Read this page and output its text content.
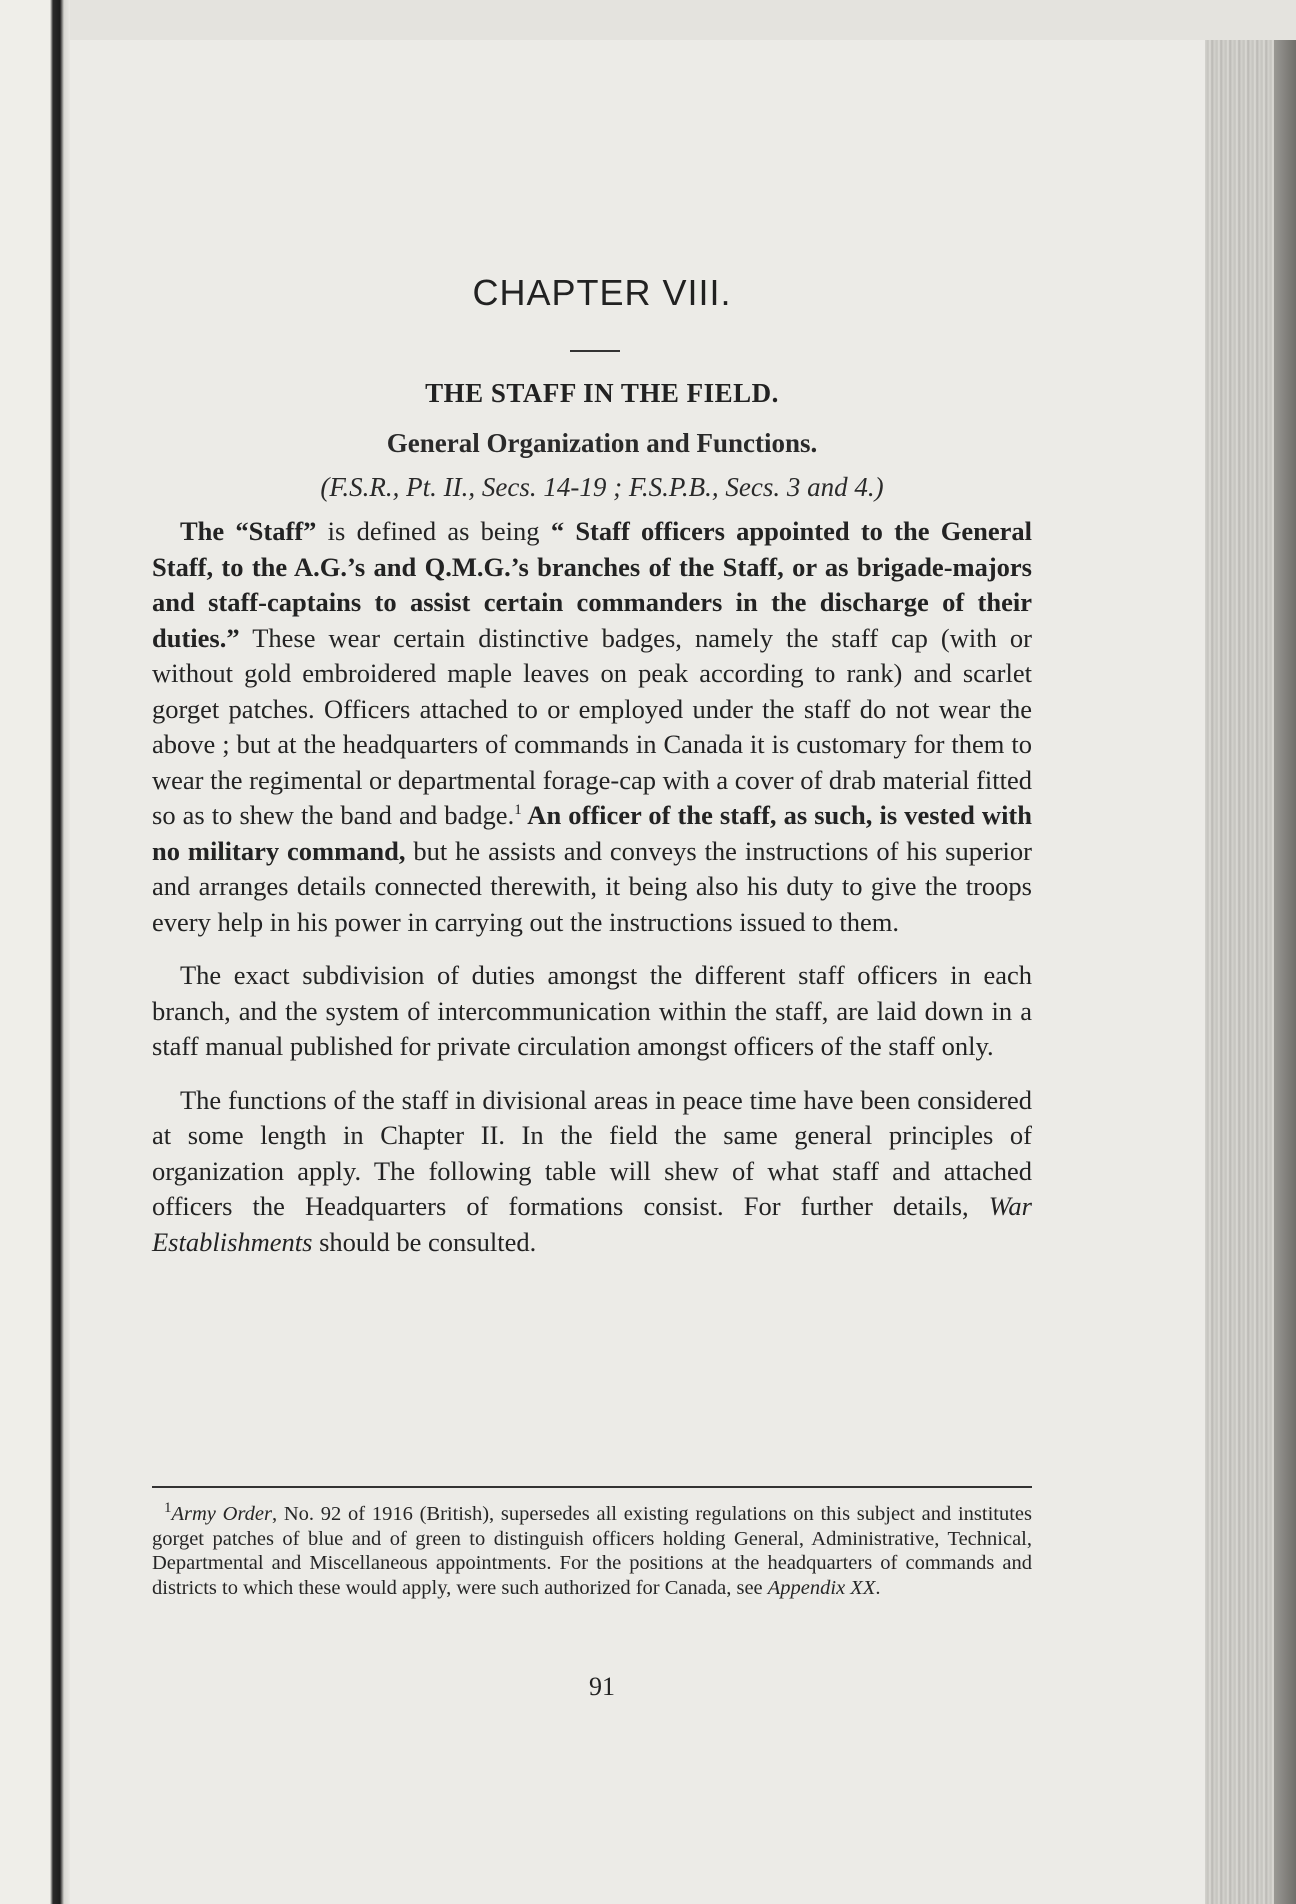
CHAPTER VIII.
THE STAFF IN THE FIELD.
General Organization and Functions.
(F.S.R., Pt. II., Secs. 14-19 ; F.S.P.B., Secs. 3 and 4.)

The “Staff” is defined as being “ Staff officers appointed to the General Staff, to the A.G.’s and Q.M.G.’s branches of the Staff, or as brigade-majors and staff-captains to assist certain commanders in the discharge of their duties.” These wear certain distinctive badges, namely the staff cap (with or without gold embroidered maple leaves on peak according to rank) and scarlet gorget patches. Officers attached to or employed under the staff do not wear the above ; but at the headquarters of commands in Canada it is customary for them to wear the regimental or departmental forage-cap with a cover of drab material fitted so as to shew the band and badge.$^1$ An officer of the staff, as such, is vested with no military command, but he assists and conveys the instructions of his superior and arranges details connected therewith, it being also his duty to give the troops every help in his power in carrying out the instructions issued to them.

The exact subdivision of duties amongst the different staff officers in each branch, and the system of intercommunication within the staff, are laid down in a staff manual published for private circulation amongst officers of the staff only.

The functions of the staff in divisional areas in peace time have been considered at some length in Chapter II. In the field the same general principles of organization apply. The following table will shew of what staff and attached officers the Headquarters of formations consist. For further details, War Establishments should be consulted.

$^1$Army Order, No. 92 of 1916 (British), supersedes all existing regulations on this subject and institutes gorget patches of blue and of green to distinguish officers holding General, Administrative, Technical, Departmental and Miscellaneous appointments. For the positions at the headquarters of commands and districts to which these would apply, were such authorized for Canada, see Appendix XX.

91
